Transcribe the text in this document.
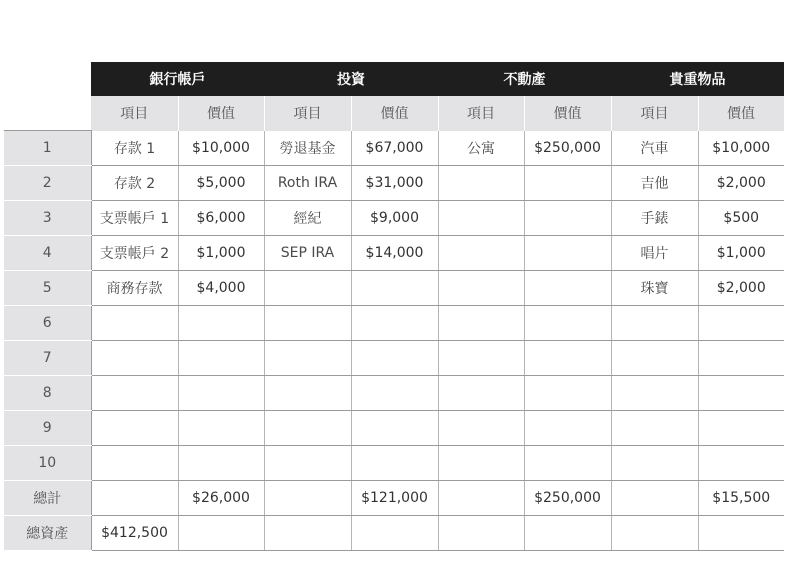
	銀行帳戶		投資		不動產		貴重物品	
	項目	價值	項目	價值	項目	價值	項目	價值
1	存款 1	$10,000	勞退基金	$67,000	公寓	$250,000	汽車	$10,000
2	存款 2	$5,000	Roth IRA	$31,000			吉他	$2,000
3	支票帳戶 1	$6,000	經紀	$9,000			手錶	$500
4	支票帳戶 2	$1,000	SEP IRA	$14,000			唱片	$1,000
5	商務存款	$4,000					珠寶	$2,000
6								
7								
8								
9								
10								
總計		$26,000		$121,000		$250,000		$15,500
總資產	$412,500							
